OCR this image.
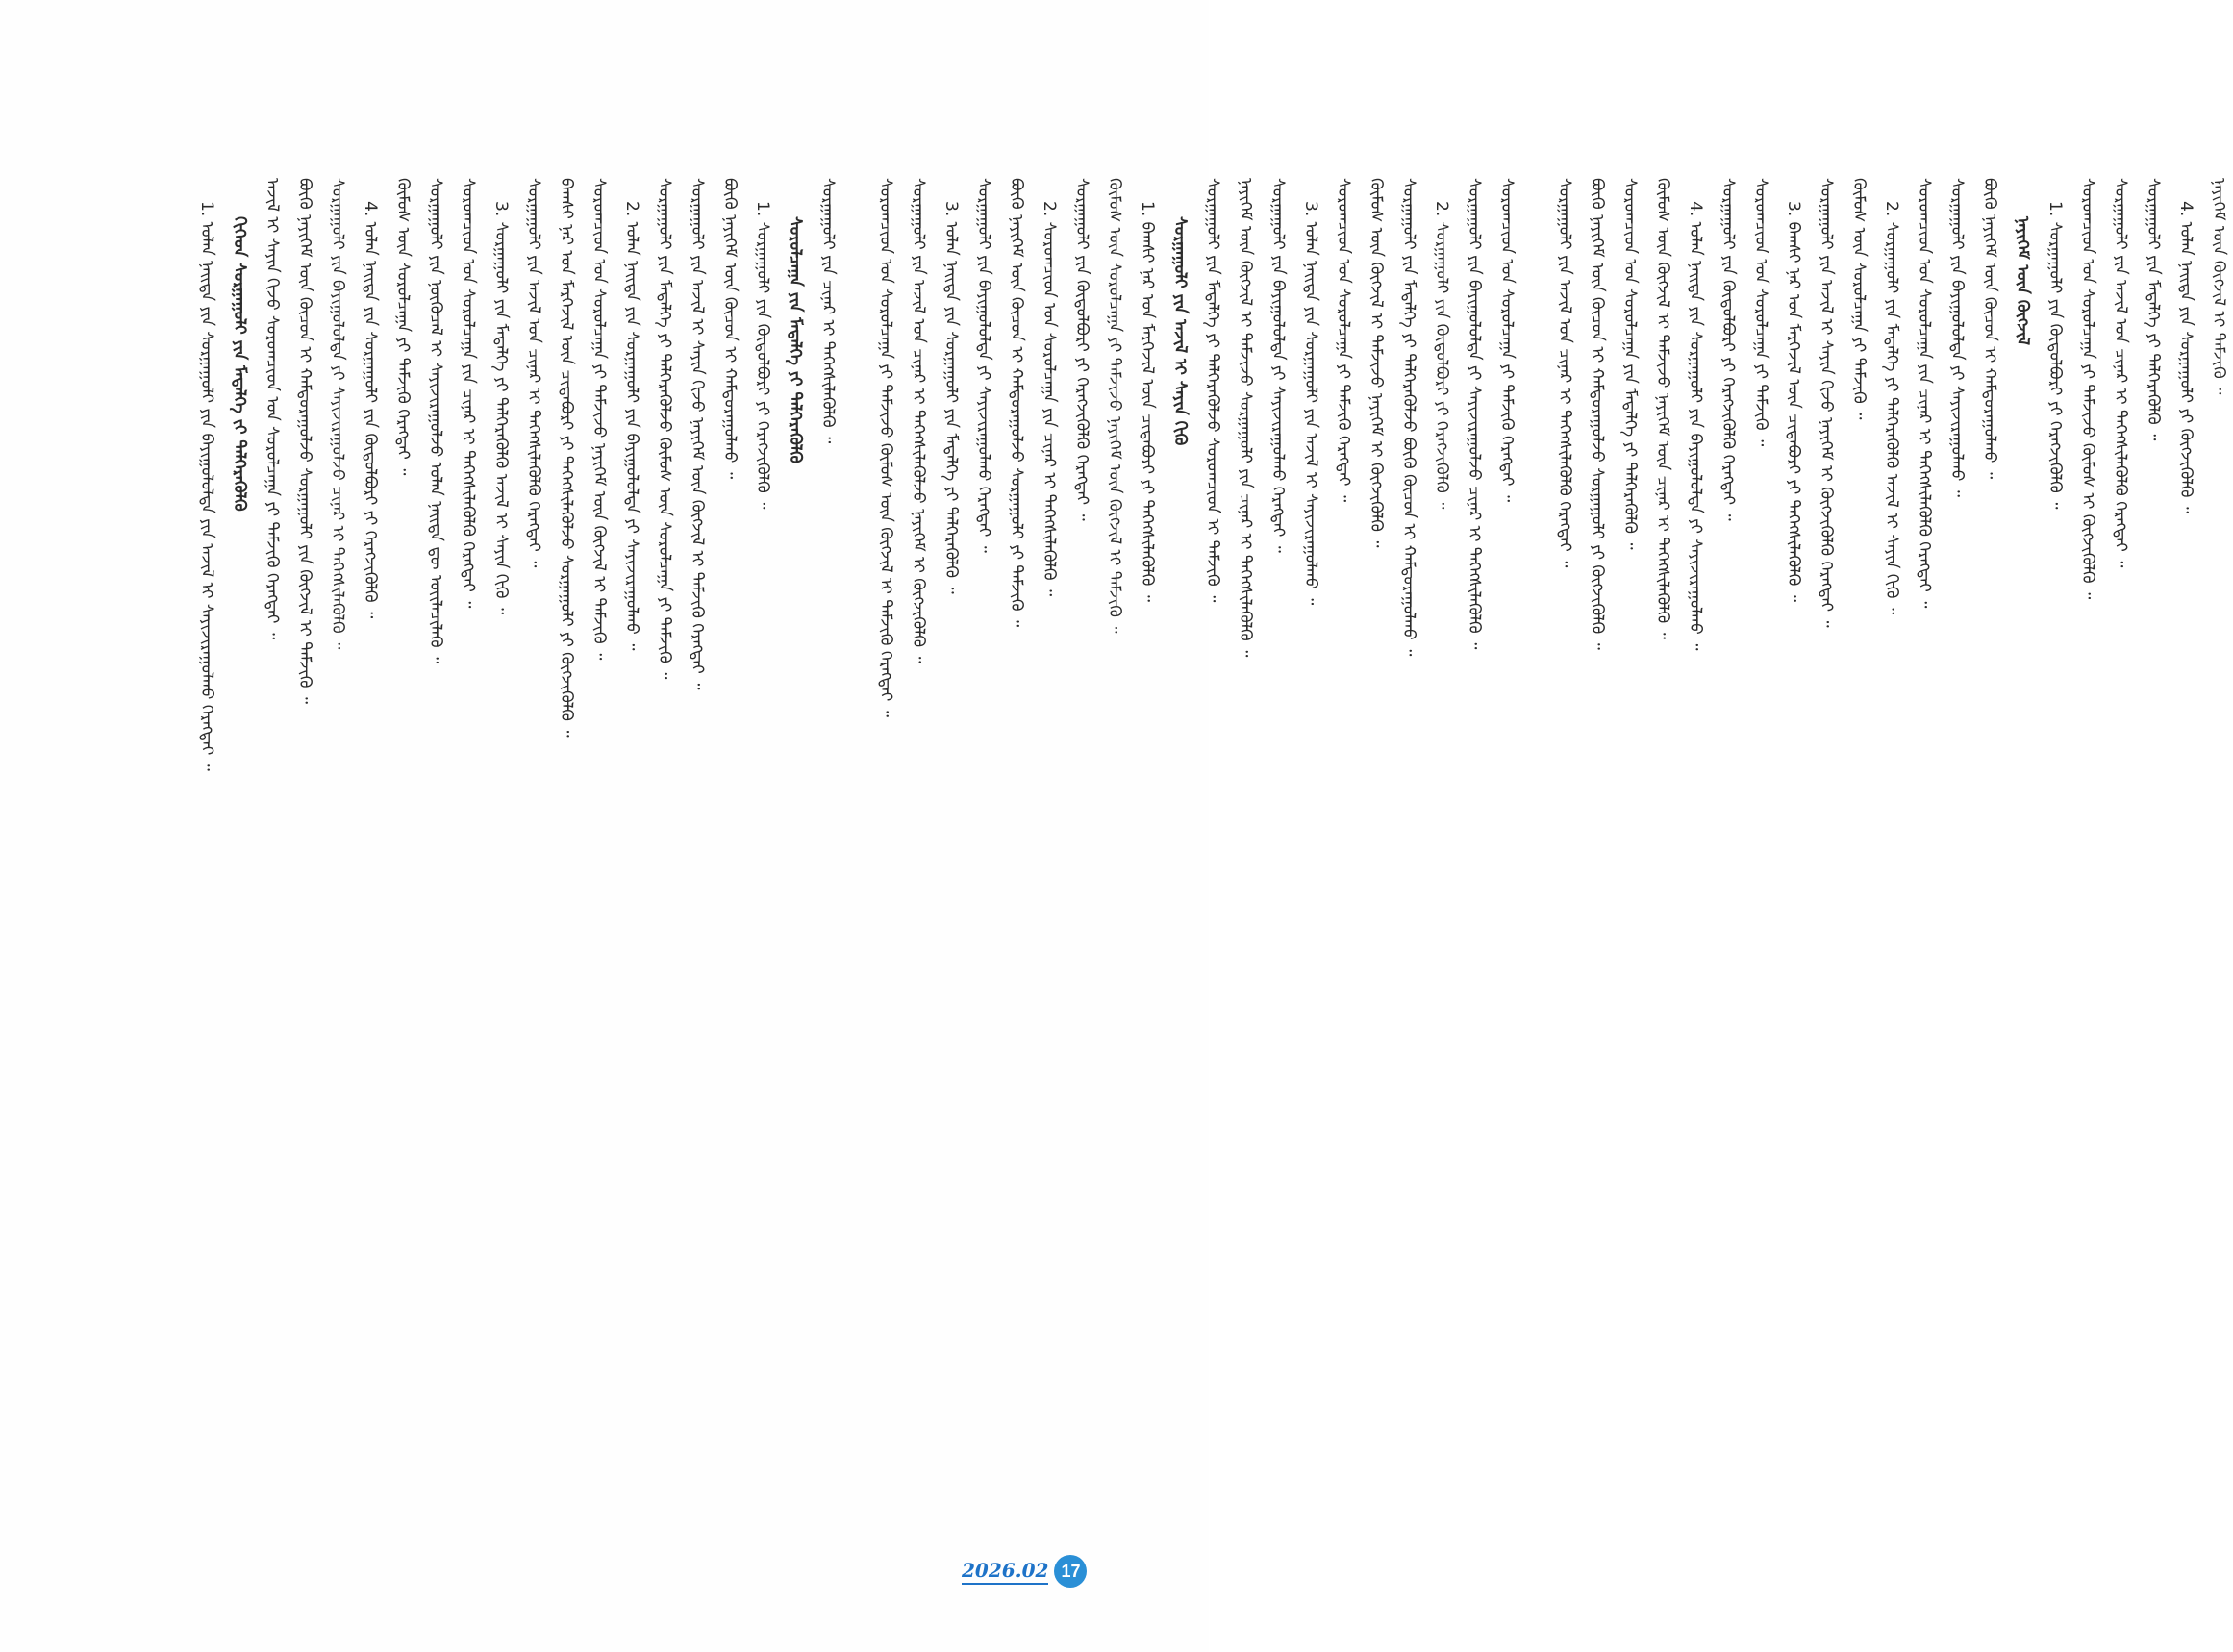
1. ᠣᠯᠠᠨ ᠨᠡᠢᠲᠡ ᠶᠢᠨ ᠰᠤᠷᠭᠠᠭᠤᠯᠢ ᠶᠢᠨ ᠪᠠᠶᠢᠭᠤᠯᠤᠯᠲᠠ ᠶᠢᠨ ᠠᠵᠢᠯ ᠢ ᠰᠠᠶᠢᠵᠢᠷᠠᠭᠤᠯᠬᠤ ᠬᠡᠷᠡᠭᠲᠡᠢ ᠃ ᠬᠢᠭᠡᠳ ᠰᠤᠷᠭᠠᠭᠤᠯᠢ ᠶᠢᠨ ᠮᠡᠳᠡᠯᠭᠡ ᠵᠢ ᠳᠡᠯᠭᠡᠷᠡᠭᠦᠯᠬᠦ ᠠᠵᠢᠯ ᠢ ᠰᠠᠶᠢᠨ ᠬᠢᠵᠦ ᠰᠤᠷᠤᠭᠴᠢᠳ ᠤᠨ ᠰᠤᠷᠤᠯᠴᠠᠭᠠ ᠶᠢ ᠳᠡᠮᠵᠢᠬᠦ ᠬᠡᠷᠡᠭᠲᠡᠢ ᠃ ᠪᠦᠬᠦ ᠨᠡᠶᠢᠭᠡᠮ ᠦᠨ ᠬᠦᠴᠦᠨ ᠢ ᠬᠠᠮᠲᠤᠷᠠᠭᠤᠯᠵᠤ ᠰᠤᠷᠭᠠᠭᠤᠯᠢ ᠶᠢᠨ ᠬᠥᠭᠵᠢᠯ ᠢ ᠳᠡᠮᠵᠢᠬᠦ ᠃ ᠰᠤᠷᠭᠠᠭᠤᠯᠢ ᠶᠢᠨ ᠪᠠᠶᠢᠭᠤᠯᠤᠯᠲᠠ ᠶᠢ ᠰᠠᠶᠢᠵᠢᠷᠠᠭᠤᠯᠵᠤ ᠴᠢᠨᠠᠷ ᠢ ᠳᠡᠭᠡᠭᠰᠢᠯᠡᠭᠦᠯᠬᠦ ᠃ 4. ᠣᠯᠠᠨ ᠨᠡᠢᠲᠡ ᠶᠢᠨ ᠰᠤᠷᠭᠠᠭᠤᠯᠢ ᠶᠢᠨ ᠬᠥᠲᠥᠯᠪᠦᠷᠢ ᠶᠢ ᠬᠡᠷᠡᠭᠵᠢᠭᠦᠯᠬᠦ ᠃ ᠬᠦᠮᠦᠰ ᠦᠨ ᠰᠤᠷᠤᠯᠴᠠᠭᠠ ᠶᠢ ᠳᠡᠮᠵᠢᠬᠦ ᠬᠡᠷᠡᠭᠲᠡᠢ ᠃ ᠰᠤᠷᠭᠠᠭᠤᠯᠢ ᠶᠢᠨ ᠨᠥᠬᠥᠴᠡᠯ ᠢ ᠰᠠᠶᠢᠵᠢᠷᠠᠭᠤᠯᠵᠤ ᠣᠯᠠᠨ ᠨᠡᠢᠲᠡ ᠳᠦ ᠦᠢᠯᠡᠴᠢᠯᠡᠬᠦ ᠃ ᠰᠤᠷᠤᠭᠴᠢᠳ ᠤᠨ ᠰᠤᠷᠤᠯᠴᠠᠭᠠ ᠶᠢᠨ ᠴᠢᠨᠠᠷ ᠢ ᠳᠡᠭᠡᠭᠰᠢᠯᠡᠭᠦᠯᠬᠦ ᠬᠡᠷᠡᠭᠲᠡᠢ ᠃ 3. ᠰᠤᠷᠭᠠᠭᠤᠯᠢ ᠶᠢᠨ ᠮᠡᠳᠡᠯᠭᠡ ᠶᠢ ᠳᠡᠯᠭᠡᠷᠡᠭᠦᠯᠬᠦ ᠠᠵᠢᠯ ᠢ ᠰᠠᠶᠢᠨ ᠬᠢᠬᠦ ᠃ ᠰᠤᠷᠭᠠᠭᠤᠯᠢ ᠶᠢᠨ ᠠᠵᠢᠯ ᠤᠨ ᠴᠢᠨᠠᠷ ᠢ ᠳᠡᠭᠡᠭᠰᠢᠯᠡᠭᠦᠯᠬᠦ ᠬᠡᠷᠡᠭᠲᠡᠢ ᠃ ᠪᠠᠭᠰᠢ ᠨᠠᠷ ᠤᠨ ᠮᠡᠷᠭᠡᠵᠢᠯ ᠦᠨ ᠴᠢᠳᠠᠪᠤᠷᠢ ᠶᠢ ᠳᠡᠭᠡᠭᠰᠢᠯᠡᠭᠦᠯᠵᠦ ᠰᠤᠷᠭᠠᠭᠤᠯᠢ ᠶᠢ ᠬᠥᠭᠵᠢᠭᠦᠯᠬᠦ ᠃ ᠰᠤᠷᠤᠭᠴᠢᠳ ᠤᠨ ᠰᠤᠷᠤᠯᠴᠠᠭᠠ ᠶᠢ ᠳᠡᠮᠵᠢᠵᠦ ᠨᠡᠶᠢᠭᠡᠮ ᠦᠨ ᠬᠥᠭᠵᠢᠯ ᠢ ᠳᠡᠮᠵᠢᠬᠦ ᠃ 2. ᠣᠯᠠᠨ ᠨᠡᠢᠲᠡ ᠶᠢᠨ ᠰᠤᠷᠭᠠᠭᠤᠯᠢ ᠶᠢᠨ ᠪᠠᠶᠢᠭᠤᠯᠤᠯᠲᠠ ᠶᠢ ᠰᠠᠶᠢᠵᠢᠷᠠᠭᠤᠯᠬᠤ ᠃ ᠰᠤᠷᠭᠠᠭᠤᠯᠢ ᠶᠢᠨ ᠮᠡᠳᠡᠯᠭᠡ ᠶᠢ ᠳᠡᠯᠭᠡᠷᠡᠭᠦᠯᠵᠦ ᠬᠦᠮᠦᠰ ᠦᠨ ᠰᠤᠷᠤᠯᠴᠠᠭᠠ ᠶᠢ ᠳᠡᠮᠵᠢᠬᠦ ᠃ ᠰᠤᠷᠭᠠᠭᠤᠯᠢ ᠶᠢᠨ ᠠᠵᠢᠯ ᠢ ᠰᠠᠶᠢᠨ ᠬᠢᠵᠦ ᠨᠡᠶᠢᠭᠡᠮ ᠦᠨ ᠬᠥᠭᠵᠢᠯ ᠢ ᠳᠡᠮᠵᠢᠬᠦ ᠬᠡᠷᠡᠭᠲᠡᠢ ᠃ ᠪᠦᠬᠦ ᠨᠡᠶᠢᠭᠡᠮ ᠦᠨ ᠬᠦᠴᠦᠨ ᠢ ᠬᠠᠮᠲᠤᠷᠠᠭᠤᠯᠬᠤ ᠃ 1. ᠰᠤᠷᠭᠠᠭᠤᠯᠢ ᠶᠢᠨ ᠬᠥᠲᠥᠯᠪᠦᠷᠢ ᠶᠢ ᠬᠡᠷᠡᠭᠵᠢᠭᠦᠯᠬᠦ ᠃ ᠰᠤᠷᠤᠯᠴᠠᠭᠠ ᠶᠢᠨ ᠮᠡᠳᠡᠯᠭᠡ ᠶᠢ ᠳᠡᠯᠭᠡᠷᠡᠭᠦᠯᠬᠦ ᠰᠤᠷᠭᠠᠭᠤᠯᠢ ᠶᠢᠨ ᠴᠢᠨᠠᠷ ᠢ ᠳᠡᠭᠡᠭᠰᠢᠯᠡᠭᠦᠯᠬᠦ ᠃ ᠰᠤᠷᠤᠭᠴᠢᠳ ᠤᠨ ᠰᠤᠷᠤᠯᠴᠠᠭᠠ ᠶᠢ ᠳᠡᠮᠵᠢᠵᠦ ᠬᠦᠮᠦᠰ ᠦᠨ ᠬᠥᠭᠵᠢᠯ ᠢ ᠳᠡᠮᠵᠢᠬᠦ ᠬᠡᠷᠡᠭᠲᠡᠢ ᠃ ᠰᠤᠷᠭᠠᠭᠤᠯᠢ ᠶᠢᠨ ᠠᠵᠢᠯ ᠤᠨ ᠴᠢᠨᠠᠷ ᠢ ᠳᠡᠭᠡᠭᠰᠢᠯᠡᠭᠦᠯᠵᠦ ᠨᠡᠶᠢᠭᠡᠮ ᠢ ᠬᠥᠭᠵᠢᠭᠦᠯᠬᠦ ᠃ 3. ᠣᠯᠠᠨ ᠨᠡᠢᠲᠡ ᠶᠢᠨ ᠰᠤᠷᠭᠠᠭᠤᠯᠢ ᠶᠢᠨ ᠮᠡᠳᠡᠯᠭᠡ ᠶᠢ ᠳᠡᠯᠭᠡᠷᠡᠭᠦᠯᠬᠦ ᠃ ᠰᠤᠷᠭᠠᠭᠤᠯᠢ ᠶᠢᠨ ᠪᠠᠶᠢᠭᠤᠯᠤᠯᠲᠠ ᠶᠢ ᠰᠠᠶᠢᠵᠢᠷᠠᠭᠤᠯᠬᠤ ᠬᠡᠷᠡᠭᠲᠡᠢ ᠃ ᠪᠦᠬᠦ ᠨᠡᠶᠢᠭᠡᠮ ᠦᠨ ᠬᠦᠴᠦᠨ ᠢ ᠬᠠᠮᠲᠤᠷᠠᠭᠤᠯᠵᠤ ᠰᠤᠷᠭᠠᠭᠤᠯᠢ ᠶᠢ ᠳᠡᠮᠵᠢᠬᠦ ᠃ 2. ᠰᠤᠷᠤᠭᠴᠢᠳ ᠤᠨ ᠰᠤᠷᠤᠯᠴᠠᠭᠠ ᠶᠢᠨ ᠴᠢᠨᠠᠷ ᠢ ᠳᠡᠭᠡᠭᠰᠢᠯᠡᠭᠦᠯᠬᠦ ᠃ ᠰᠤᠷᠭᠠᠭᠤᠯᠢ ᠶᠢᠨ ᠬᠥᠲᠥᠯᠪᠦᠷᠢ ᠶᠢ ᠬᠡᠷᠡᠭᠵᠢᠭᠦᠯᠬᠦ ᠬᠡᠷᠡᠭᠲᠡᠢ ᠃ ᠬᠦᠮᠦᠰ ᠦᠨ ᠰᠤᠷᠤᠯᠴᠠᠭᠠ ᠶᠢ ᠳᠡᠮᠵᠢᠵᠦ ᠨᠡᠶᠢᠭᠡᠮ ᠦᠨ ᠬᠥᠭᠵᠢᠯ ᠢ ᠳᠡᠮᠵᠢᠬᠦ ᠃ 1. ᠪᠠᠭᠰᠢ ᠨᠠᠷ ᠤᠨ ᠮᠡᠷᠭᠡᠵᠢᠯ ᠦᠨ ᠴᠢᠳᠠᠪᠤᠷᠢ ᠶᠢ ᠳᠡᠭᠡᠭᠰᠢᠯᠡᠭᠦᠯᠬᠦ ᠃ ᠰᠤᠷᠭᠠᠭᠤᠯᠢ ᠶᠢᠨ ᠠᠵᠢᠯ ᠢ ᠰᠠᠶᠢᠨ ᠬᠢᠬᠦ ᠰᠤᠷᠭᠠᠭᠤᠯᠢ ᠶᠢᠨ ᠮᠡᠳᠡᠯᠭᠡ ᠶᠢ ᠳᠡᠯᠭᠡᠷᠡᠭᠦᠯᠵᠦ ᠰᠤᠷᠤᠭᠴᠢᠳ ᠢ ᠳᠡᠮᠵᠢᠬᠦ ᠃ ᠨᠡᠶᠢᠭᠡᠮ ᠦᠨ ᠬᠥᠭᠵᠢᠯ ᠢ ᠳᠡᠮᠵᠢᠵᠦ ᠰᠤᠷᠭᠠᠭᠤᠯᠢ ᠶᠢᠨ ᠴᠢᠨᠠᠷ ᠢ ᠳᠡᠭᠡᠭᠰᠢᠯᠡᠭᠦᠯᠬᠦ ᠃ ᠰᠤᠷᠭᠠᠭᠤᠯᠢ ᠶᠢᠨ ᠪᠠᠶᠢᠭᠤᠯᠤᠯᠲᠠ ᠶᠢ ᠰᠠᠶᠢᠵᠢᠷᠠᠭᠤᠯᠬᠤ ᠬᠡᠷᠡᠭᠲᠡᠢ ᠃ 3. ᠣᠯᠠᠨ ᠨᠡᠢᠲᠡ ᠶᠢᠨ ᠰᠤᠷᠭᠠᠭᠤᠯᠢ ᠶᠢᠨ ᠠᠵᠢᠯ ᠢ ᠰᠠᠶᠢᠵᠢᠷᠠᠭᠤᠯᠬᠤ ᠃ ᠰᠤᠷᠤᠭᠴᠢᠳ ᠤᠨ ᠰᠤᠷᠤᠯᠴᠠᠭᠠ ᠶᠢ ᠳᠡᠮᠵᠢᠬᠦ ᠬᠡᠷᠡᠭᠲᠡᠢ ᠃ ᠬᠦᠮᠦᠰ ᠦᠨ ᠬᠥᠭᠵᠢᠯ ᠢ ᠳᠡᠮᠵᠢᠵᠦ ᠨᠡᠶᠢᠭᠡᠮ ᠢ ᠬᠥᠭᠵᠢᠭᠦᠯᠬᠦ ᠃ ᠰᠤᠷᠭᠠᠭᠤᠯᠢ ᠶᠢᠨ ᠮᠡᠳᠡᠯᠭᠡ ᠶᠢ ᠳᠡᠯᠭᠡᠷᠡᠭᠦᠯᠵᠦ ᠪᠦᠬᠦ ᠬᠦᠴᠦᠨ ᠢ ᠬᠠᠮᠲᠤᠷᠠᠭᠤᠯᠬᠤ ᠃ 2. ᠰᠤᠷᠭᠠᠭᠤᠯᠢ ᠶᠢᠨ ᠬᠥᠲᠥᠯᠪᠦᠷᠢ ᠶᠢ ᠬᠡᠷᠡᠭᠵᠢᠭᠦᠯᠬᠦ ᠃ ᠰᠤᠷᠭᠠᠭᠤᠯᠢ ᠶᠢᠨ ᠪᠠᠶᠢᠭᠤᠯᠤᠯᠲᠠ ᠶᠢ ᠰᠠᠶᠢᠵᠢᠷᠠᠭᠤᠯᠵᠤ ᠴᠢᠨᠠᠷ ᠢ ᠳᠡᠭᠡᠭᠰᠢᠯᠡᠭᠦᠯᠬᠦ ᠃ ᠰᠤᠷᠤᠭᠴᠢᠳ ᠤᠨ ᠰᠤᠷᠤᠯᠴᠠᠭᠠ ᠶᠢ ᠳᠡᠮᠵᠢᠬᠦ ᠬᠡᠷᠡᠭᠲᠡᠢ ᠃ ᠰᠤᠷᠭᠠᠭᠤᠯᠢ ᠶᠢᠨ ᠠᠵᠢᠯ ᠤᠨ ᠴᠢᠨᠠᠷ ᠢ ᠳᠡᠭᠡᠭᠰᠢᠯᠡᠭᠦᠯᠬᠦ ᠬᠡᠷᠡᠭᠲᠡᠢ ᠃ ᠪᠦᠬᠦ ᠨᠡᠶᠢᠭᠡᠮ ᠦᠨ ᠬᠦᠴᠦᠨ ᠢ ᠬᠠᠮᠲᠤᠷᠠᠭᠤᠯᠵᠤ ᠰᠤᠷᠭᠠᠭᠤᠯᠢ ᠶᠢ ᠬᠥᠭᠵᠢᠭᠦᠯᠬᠦ ᠃ ᠰᠤᠷᠤᠭᠴᠢᠳ ᠤᠨ ᠰᠤᠷᠤᠯᠴᠠᠭᠠ ᠶᠢᠨ ᠮᠡᠳᠡᠯᠭᠡ ᠶᠢ ᠳᠡᠯᠭᠡᠷᠡᠭᠦᠯᠬᠦ ᠃ ᠬᠦᠮᠦᠰ ᠦᠨ ᠬᠥᠭᠵᠢᠯ ᠢ ᠳᠡᠮᠵᠢᠵᠦ ᠨᠡᠶᠢᠭᠡᠮ ᠦᠨ ᠴᠢᠨᠠᠷ ᠢ ᠳᠡᠭᠡᠭᠰᠢᠯᠡᠭᠦᠯᠬᠦ ᠃ 4. ᠣᠯᠠᠨ ᠨᠡᠢᠲᠡ ᠶᠢᠨ ᠰᠤᠷᠭᠠᠭᠤᠯᠢ ᠶᠢᠨ ᠪᠠᠶᠢᠭᠤᠯᠤᠯᠲᠠ ᠶᠢ ᠰᠠᠶᠢᠵᠢᠷᠠᠭᠤᠯᠬᠤ ᠃ ᠰᠤᠷᠭᠠᠭᠤᠯᠢ ᠶᠢᠨ ᠬᠥᠲᠥᠯᠪᠦᠷᠢ ᠶᠢ ᠬᠡᠷᠡᠭᠵᠢᠭᠦᠯᠬᠦ ᠬᠡᠷᠡᠭᠲᠡᠢ ᠃ ᠰᠤᠷᠤᠭᠴᠢᠳ ᠤᠨ ᠰᠤᠷᠤᠯᠴᠠᠭᠠ ᠶᠢ ᠳᠡᠮᠵᠢᠬᠦ ᠃ 3. ᠪᠠᠭᠰᠢ ᠨᠠᠷ ᠤᠨ ᠮᠡᠷᠭᠡᠵᠢᠯ ᠦᠨ ᠴᠢᠳᠠᠪᠤᠷᠢ ᠶᠢ ᠳᠡᠭᠡᠭᠰᠢᠯᠡᠭᠦᠯᠬᠦ ᠃ ᠰᠤᠷᠭᠠᠭᠤᠯᠢ ᠶᠢᠨ ᠠᠵᠢᠯ ᠢ ᠰᠠᠶᠢᠨ ᠬᠢᠵᠦ ᠨᠡᠶᠢᠭᠡᠮ ᠢ ᠬᠥᠭᠵᠢᠭᠦᠯᠬᠦ ᠬᠡᠷᠡᠭᠲᠡᠢ ᠃ ᠬᠦᠮᠦᠰ ᠦᠨ ᠰᠤᠷᠤᠯᠴᠠᠭᠠ ᠶᠢ ᠳᠡᠮᠵᠢᠬᠦ ᠃ 2. ᠰᠤᠷᠭᠠᠭᠤᠯᠢ ᠶᠢᠨ ᠮᠡᠳᠡᠯᠭᠡ ᠶᠢ ᠳᠡᠯᠭᠡᠷᠡᠭᠦᠯᠬᠦ ᠠᠵᠢᠯ ᠢ ᠰᠠᠶᠢᠨ ᠬᠢᠬᠦ ᠃ ᠰᠤᠷᠤᠭᠴᠢᠳ ᠤᠨ ᠰᠤᠷᠤᠯᠴᠠᠭᠠ ᠶᠢᠨ ᠴᠢᠨᠠᠷ ᠢ ᠳᠡᠭᠡᠭᠰᠢᠯᠡᠭᠦᠯᠬᠦ ᠬᠡᠷᠡᠭᠲᠡᠢ ᠃ ᠰᠤᠷᠭᠠᠭᠤᠯᠢ ᠶᠢᠨ ᠪᠠᠶᠢᠭᠤᠯᠤᠯᠲᠠ ᠶᠢ ᠰᠠᠶᠢᠵᠢᠷᠠᠭᠤᠯᠬᠤ ᠃ ᠪᠦᠬᠦ ᠨᠡᠶᠢᠭᠡᠮ ᠦᠨ ᠬᠦᠴᠦᠨ ᠢ ᠬᠠᠮᠲᠤᠷᠠᠭᠤᠯᠬᠤ ᠃ ᠨᠡᠶᠢᠭᠡᠮ ᠦᠨ ᠬᠥᠭᠵᠢᠯ 1. ᠰᠤᠷᠭᠠᠭᠤᠯᠢ ᠶᠢᠨ ᠬᠥᠲᠥᠯᠪᠦᠷᠢ ᠶᠢ ᠬᠡᠷᠡᠭᠵᠢᠭᠦᠯᠬᠦ ᠃ ᠰᠤᠷᠤᠭᠴᠢᠳ ᠤᠨ ᠰᠤᠷᠤᠯᠴᠠᠭᠠ ᠶᠢ ᠳᠡᠮᠵᠢᠵᠦ ᠬᠦᠮᠦᠰ ᠢ ᠬᠥᠭᠵᠢᠭᠦᠯᠬᠦ ᠃ ᠰᠤᠷᠭᠠᠭᠤᠯᠢ ᠶᠢᠨ ᠠᠵᠢᠯ ᠤᠨ ᠴᠢᠨᠠᠷ ᠢ ᠳᠡᠭᠡᠭᠰᠢᠯᠡᠭᠦᠯᠬᠦ ᠬᠡᠷᠡᠭᠲᠡᠢ ᠃ ᠰᠤᠷᠭᠠᠭᠤᠯᠢ ᠶᠢᠨ ᠮᠡᠳᠡᠯᠭᠡ ᠶᠢ ᠳᠡᠯᠭᠡᠷᠡᠭᠦᠯᠬᠦ ᠃ 4. ᠣᠯᠠᠨ ᠨᠡᠢᠲᠡ ᠶᠢᠨ ᠰᠤᠷᠭᠠᠭᠤᠯᠢ ᠶᠢ ᠬᠥᠭᠵᠢᠭᠦᠯᠬᠦ ᠃ ᠨᠡᠶᠢᠭᠡᠮ ᠦᠨ ᠬᠥᠭᠵᠢᠯ ᠢ ᠳᠡᠮᠵᠢᠬᠦ ᠃
2026.02 17
